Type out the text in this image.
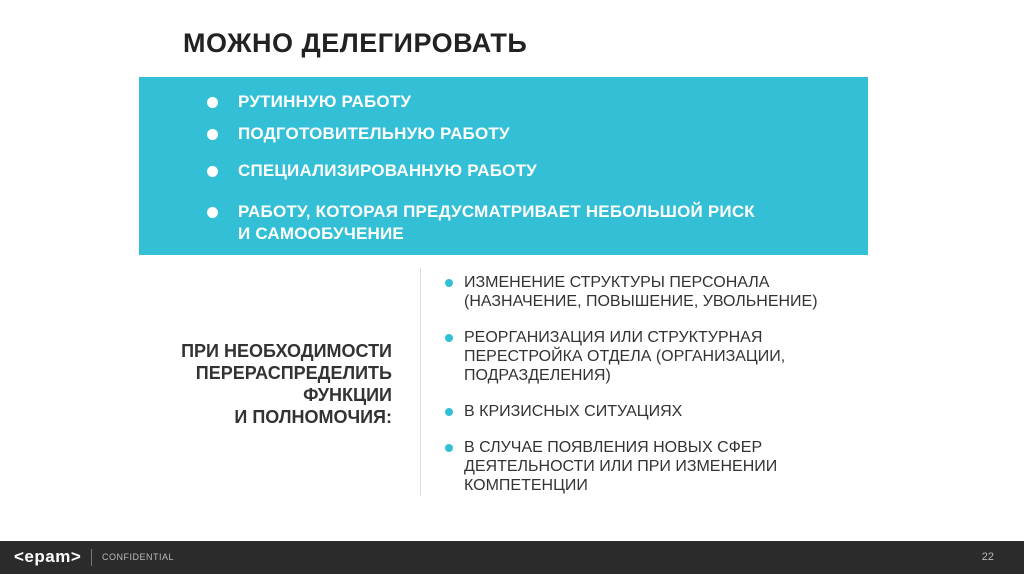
МОЖНО ДЕЛЕГИРОВАТЬ
РУТИННУЮ РАБОТУ
ПОДГОТОВИТЕЛЬНУЮ РАБОТУ
СПЕЦИАЛИЗИРОВАННУЮ РАБОТУ
РАБОТУ, КОТОРАЯ ПРЕДУСМАТРИВАЕТ НЕБОЛЬШОЙ РИСК
И САМООБУЧЕНИЕ
ПРИ НЕОБХОДИМОСТИ
ПЕРЕРАСПРЕДЕЛИТЬ
ФУНКЦИИ
И ПОЛНОМОЧИЯ:
ИЗМЕНЕНИЕ СТРУКТУРЫ ПЕРСОНАЛА
(НАЗНАЧЕНИЕ, ПОВЫШЕНИЕ, УВОЛЬНЕНИЕ)
РЕОРГАНИЗАЦИЯ ИЛИ СТРУКТУРНАЯ
ПЕРЕСТРОЙКА ОТДЕЛА (ОРГАНИЗАЦИИ,
ПОДРАЗДЕЛЕНИЯ)
В КРИЗИСНЫХ СИТУАЦИЯХ
В СЛУЧАЕ ПОЯВЛЕНИЯ НОВЫХ СФЕР
ДЕЯТЕЛЬНОСТИ ИЛИ ПРИ ИЗМЕНЕНИИ
КОМПЕТЕНЦИИ
<epam> CONFIDENTIAL	22
